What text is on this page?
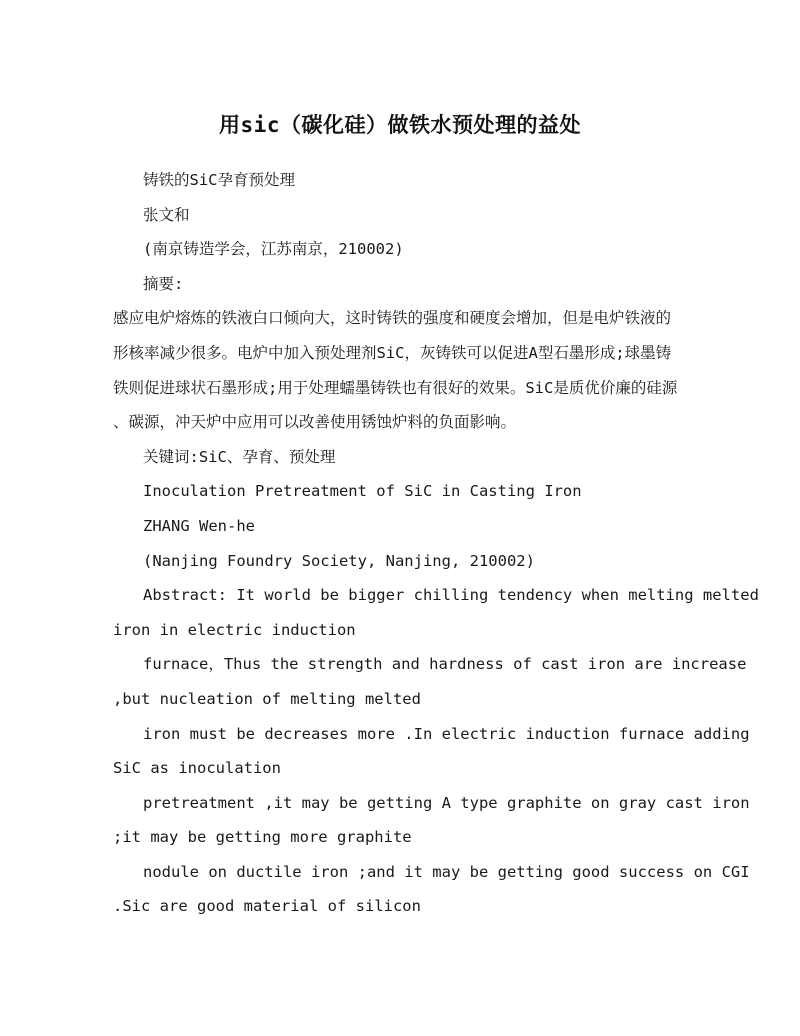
用sic（碳化硅）做铁水预处理的益处
铸铁的SiC孕育预处理
张文和
(南京铸造学会，江苏南京，210002)
摘要:
感应电炉熔炼的铁液白口倾向大，这时铸铁的强度和硬度会增加，但是电炉铁液的
形核率减少很多。电炉中加入预处理剂SiC，灰铸铁可以促进A型石墨形成;球墨铸
铁则促进球状石墨形成;用于处理蠕墨铸铁也有很好的效果。SiC是质优价廉的硅源
、碳源，冲天炉中应用可以改善使用锈蚀炉料的负面影响。
关键词:SiC、孕育、预处理
Inoculation Pretreatment of SiC in Casting Iron
ZHANG Wen-he
(Nanjing Foundry Society, Nanjing, 210002)
Abstract: It world be bigger chilling tendency when melting melted
iron in electric induction
furnace，Thus the strength and hardness of cast iron are increase
,but nucleation of melting melted
iron must be decreases more .In electric induction furnace adding
SiC as inoculation
pretreatment ,it may be getting A type graphite on gray cast iron
;it may be getting more graphite
nodule on ductile iron ;and it may be getting good success on CGI
.Sic are good material of silicon
